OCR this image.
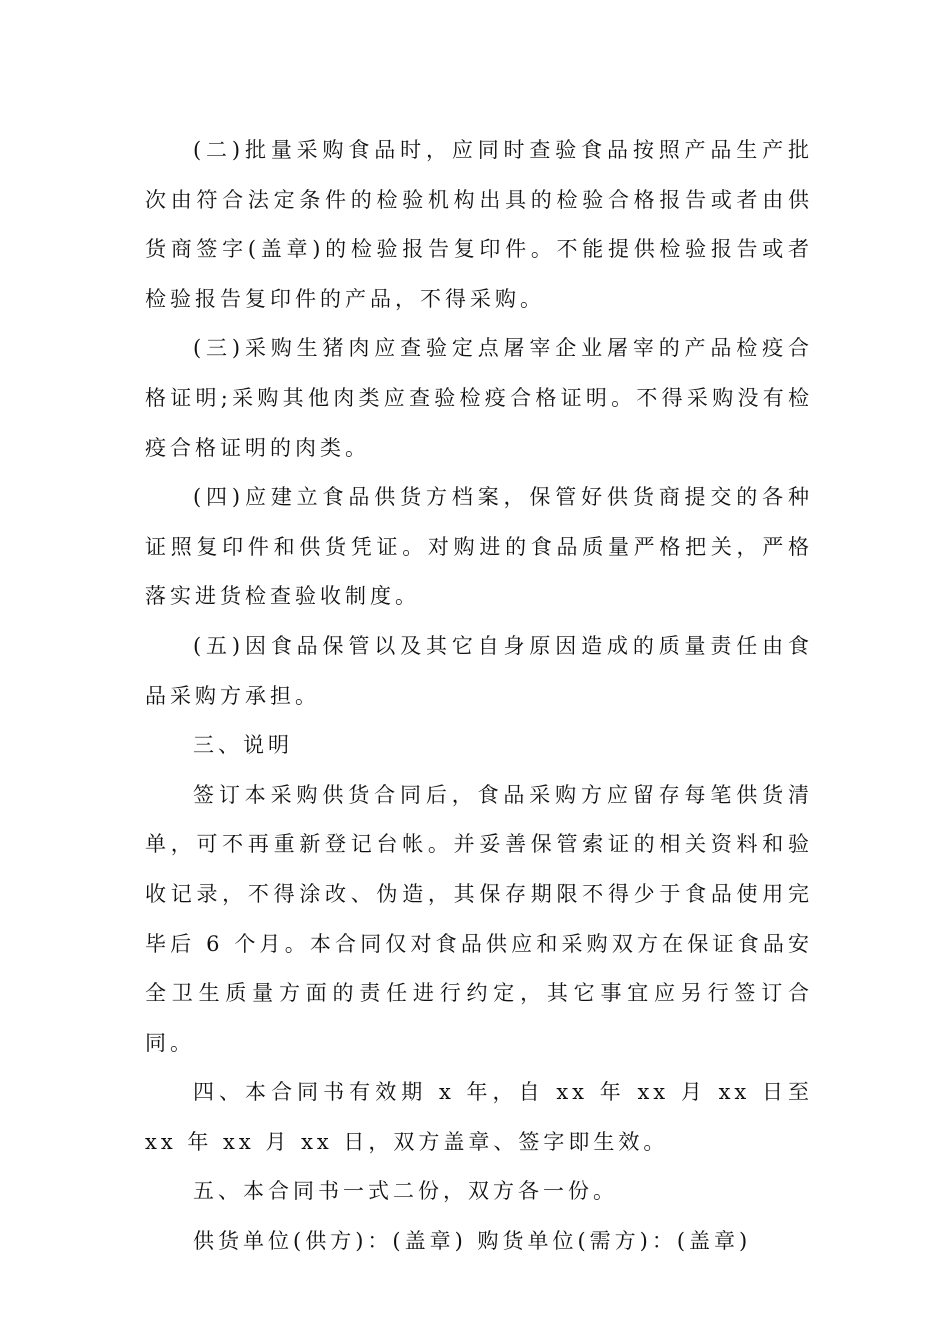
(二)批量采购食品时，应同时查验食品按照产品生产批次由符合法定条件的检验机构出具的检验合格报告或者由供货商签字(盖章)的检验报告复印件。不能提供检验报告或者检验报告复印件的产品，不得采购。

(三)采购生猪肉应查验定点屠宰企业屠宰的产品检疫合格证明;采购其他肉类应查验检疫合格证明。不得采购没有检疫合格证明的肉类。

(四)应建立食品供货方档案，保管好供货商提交的各种证照复印件和供货凭证。对购进的食品质量严格把关，严格落实进货检查验收制度。

(五)因食品保管以及其它自身原因造成的质量责任由食品采购方承担。

三、说明

签订本采购供货合同后，食品采购方应留存每笔供货清单，可不再重新登记台帐。并妥善保管索证的相关资料和验收记录，不得涂改、伪造，其保存期限不得少于食品使用完毕后 6 个月。本合同仅对食品供应和采购双方在保证食品安全卫生质量方面的责任进行约定，其它事宜应另行签订合同。

四、本合同书有效期 x 年，自 xx 年 xx 月 xx 日至 xx 年 xx 月 xx 日，双方盖章、签字即生效。

五、本合同书一式二份，双方各一份。

供货单位(供方)：(盖章) 购货单位(需方)：(盖章)
